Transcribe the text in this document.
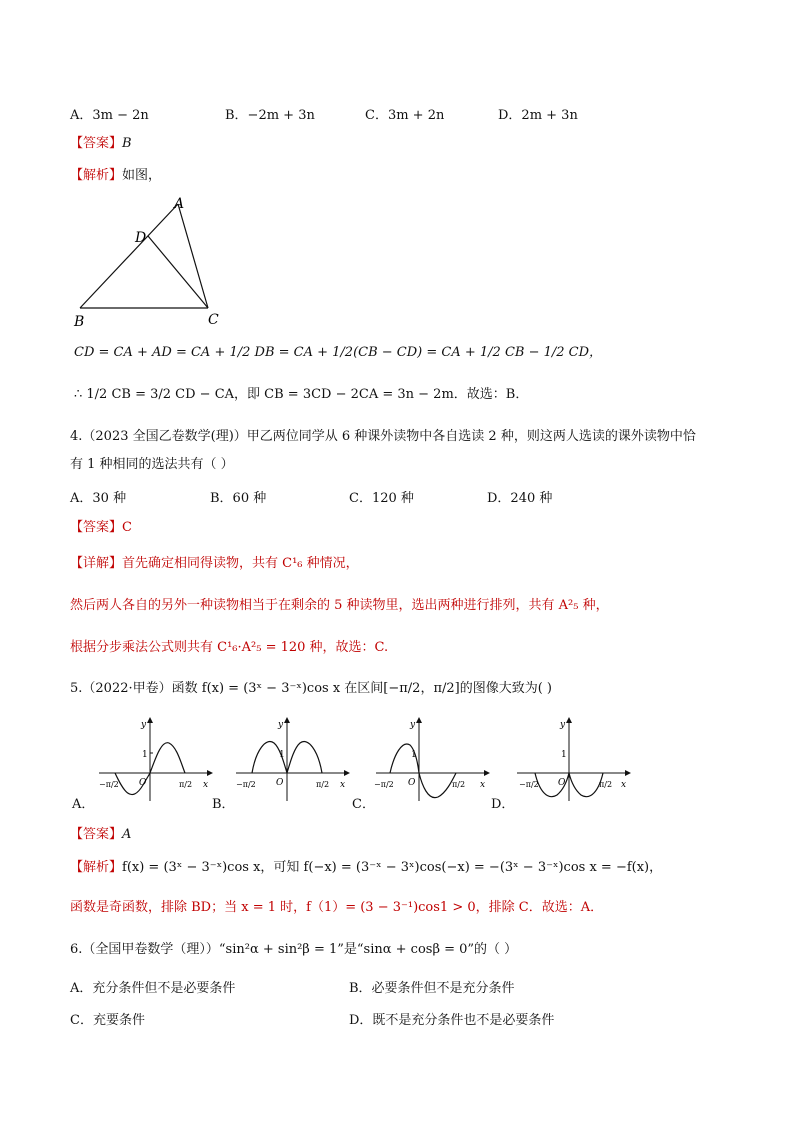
A．3m − 2n	B．−2m + 3n	C．3m + 2n	D．2m + 3n
【答案】B
【解析】如图，
A
D
B	C
CD = CA + AD = CA + 1/2 DB = CA + 1/2(CB − CD) = CA + 1/2 CB − 1/2 CD，
∴ 1/2 CB = 3/2 CD − CA，即 CB = 3CD − 2CA = 3n − 2m．故选：B．
4.（2023 全国乙卷数学(理)）甲乙两位同学从 6 种课外读物中各自选读 2 种，则这两人选读的课外读物中恰
有 1 种相同的选法共有（ ）
A．30 种	B．60 种	C．120 种	D．240 种
【答案】C
【详解】首先确定相同得读物，共有 C¹₆ 种情况，
然后两人各自的另外一种读物相当于在剩余的 5 种读物里，选出两种进行排列，共有 A²₅ 种，
根据分步乘法公式则共有 C¹₆·A²₅ = 120 种，故选：C.
5.（2022·甲卷）函数 f(x) = (3ˣ − 3⁻ˣ)cos x 在区间[−π/2，π/2]的图像大致为( )
y
x
O
1
−π/2	π/2
A．
y
x
O
1
−π/2	π/2
B．
y
x
O
1
−π/2	π/2
C．
y
x
O
1
−π/2	π/2
D．
【答案】A
【解析】f(x) = (3ˣ − 3⁻ˣ)cos x，可知 f(−x) = (3⁻ˣ − 3ˣ)cos(−x) = −(3ˣ − 3⁻ˣ)cos x = −f(x)，
函数是奇函数，排除 BD；当 x = 1 时，f（1）= (3 − 3⁻¹)cos1 > 0，排除 C．故选：A．
6.（全国甲卷数学（理））“sin²α + sin²β = 1”是“sinα + cosβ = 0”的（ ）
A．充分条件但不是必要条件	B．必要条件但不是充分条件
C．充要条件	D．既不是充分条件也不是必要条件
